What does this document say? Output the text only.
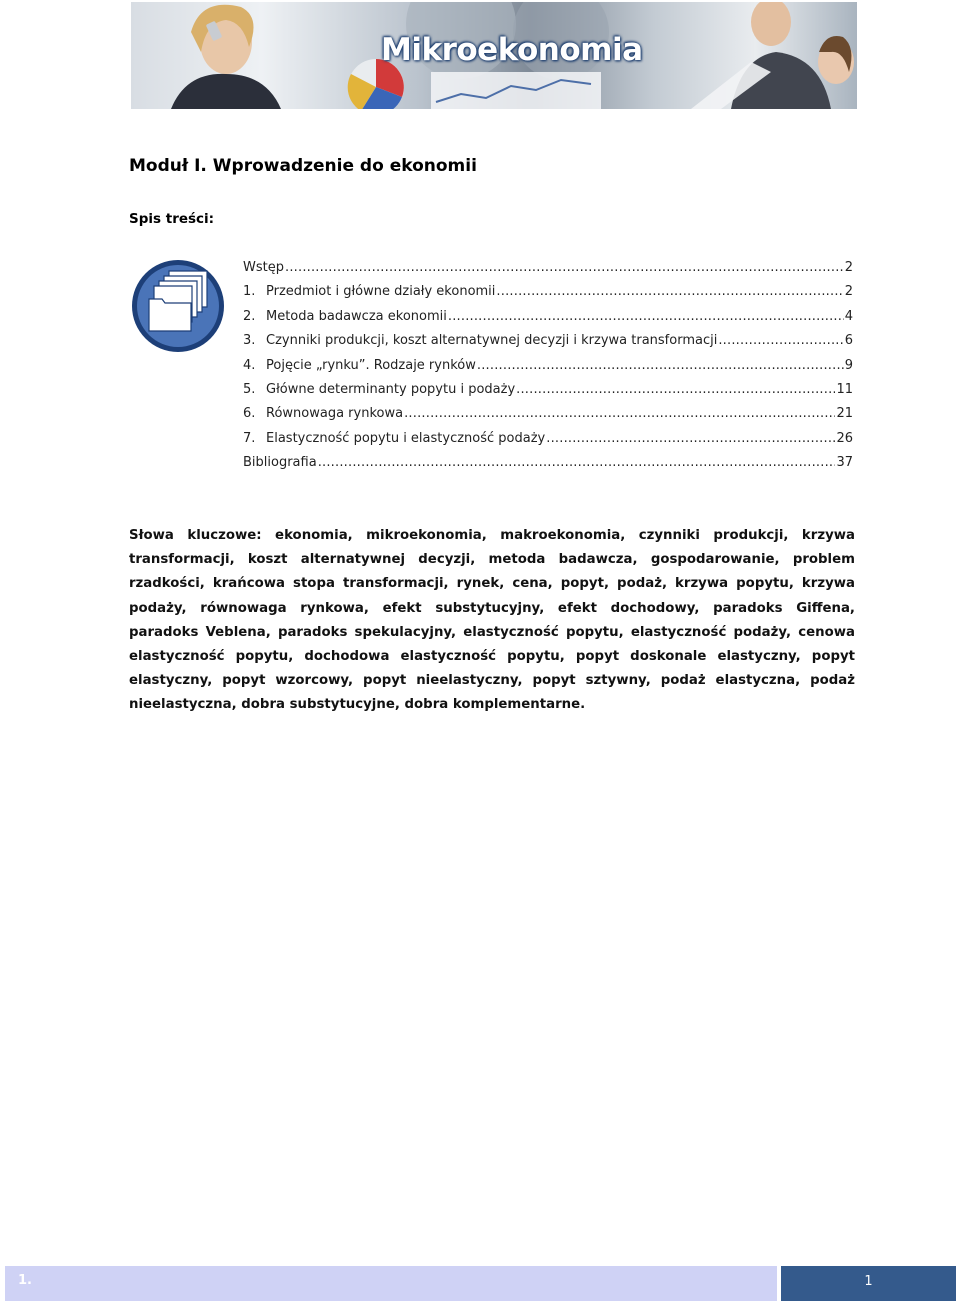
Mikroekonomia
Moduł I. Wprowadzenie do ekonomii
Spis treści:
Wstęp .....	2
1. Przedmiot i główne działy ekonomii .....	2
2. Metoda badawcza ekonomii .....	4
3. Czynniki produkcji, koszt alternatywnej decyzji i krzywa transformacji .....	6
4. Pojęcie „rynku”. Rodzaje rynków .....	9
5. Główne determinanty popytu i podaży .....	11
6. Równowaga rynkowa .....	21
7. Elastyczność popytu i elastyczność podaży .....	26
Bibliografia .....	37

Słowa kluczowe: ekonomia, mikroekonomia, makroekonomia, czynniki produkcji, krzywa transformacji, koszt alternatywnej decyzji, metoda badawcza, gospodarowanie, problem rzadkości, krańcowa stopa transformacji, rynek, cena, popyt, podaż, krzywa popytu, krzywa podaży, równowaga rynkowa, efekt substytucyjny, efekt dochodowy, paradoks Giffena, paradoks Veblena, paradoks spekulacyjny, elastyczność popytu, elastyczność podaży, cenowa elastyczność popytu, dochodowa elastyczność popytu, popyt doskonale elastyczny, popyt elastyczny, popyt wzorcowy, popyt nieelastyczny, popyt sztywny, podaż elastyczna, podaż nieelastyczna, dobra substytucyjne, dobra komplementarne.

1.	1
